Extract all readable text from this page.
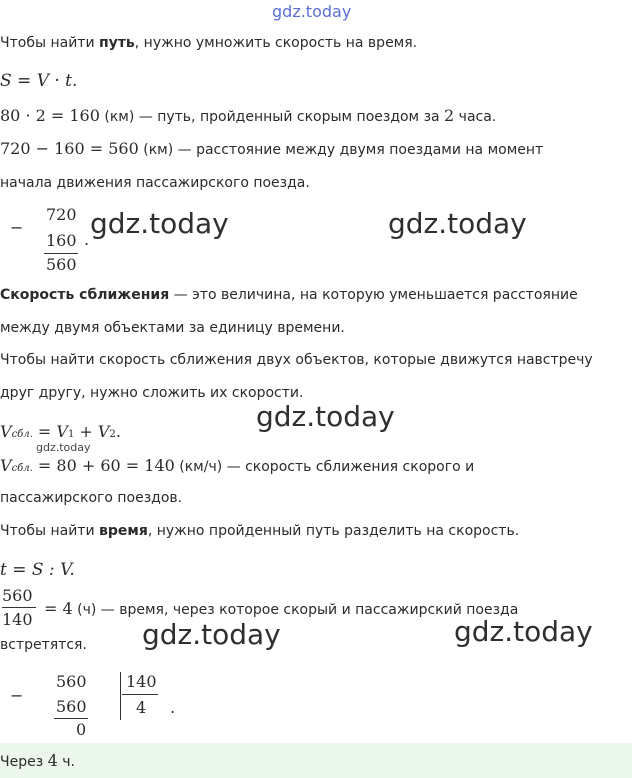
gdz.today
Чтобы найти путь, нужно умножить скорость на время.
S = V · t.
80 · 2 = 160 (км) — путь, пройденный скорым поездом за 2 часа.
720 − 160 = 560 (км) — расстояние между двумя поездами на момент
начала движения пассажирского поезда.
−
720
160
560
. gdz.today	gdz.today
Скорость сближения — это величина, на которую уменьшается расстояние
между двумя объектами за единицу времени.
Чтобы найти скорость сближения двух объектов, которые движутся навстречу
друг другу, нужно сложить их скорости.
gdz.today
Vсбл. = V1 + V2.
gdz.today
Vсбл. = 80 + 60 = 140 (км/ч) — скорость сближения скорого и
пассажирского поездов.
Чтобы найти время, нужно пройденный путь разделить на скорость.
t = S : V.
560
140
= 4 (ч) — время, через которое скорый и пассажирский поезда
встретятся. gdz.today	gdz.today
−
560
560
0
140
4 .
Через 4 ч.
